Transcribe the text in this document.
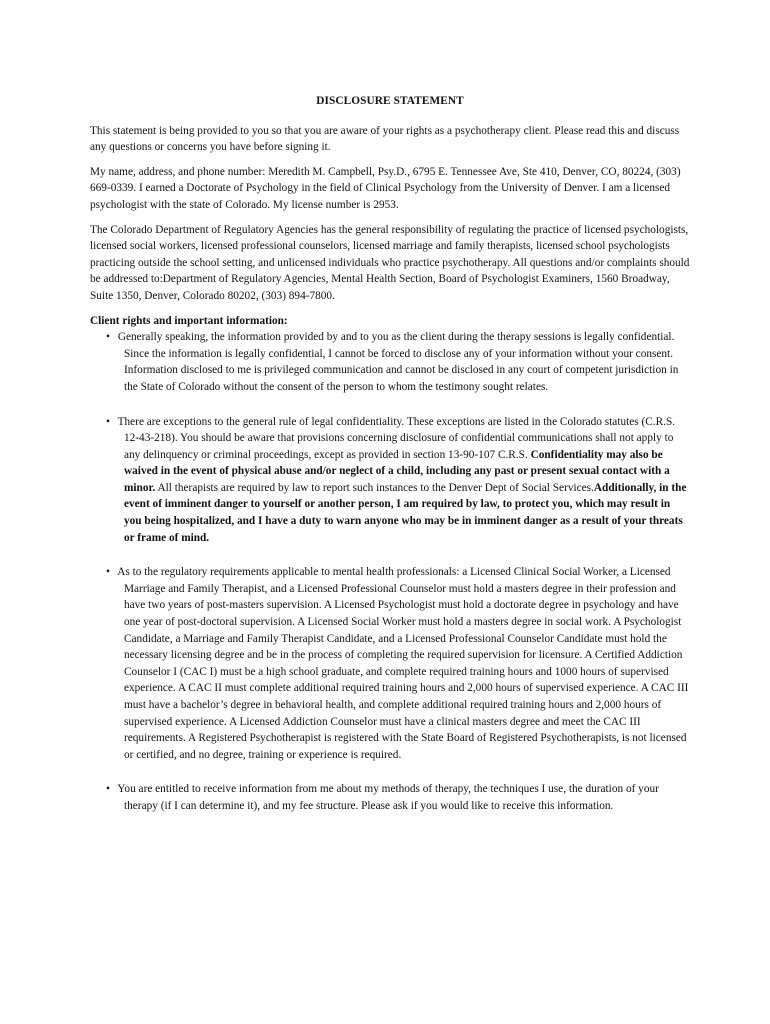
DISCLOSURE STATEMENT

This statement is being provided to you so that you are aware of your rights as a psychotherapy client. Please read this and discuss any questions or concerns you have before signing it.

My name, address, and phone number: Meredith M. Campbell, Psy.D., 6795 E. Tennessee Ave, Ste 410, Denver, CO, 80224, (303) 669-0339. I earned a Doctorate of Psychology in the field of Clinical Psychology from the University of Denver. I am a licensed psychologist with the state of Colorado. My license number is 2953.

The Colorado Department of Regulatory Agencies has the general responsibility of regulating the practice of licensed psychologists, licensed social workers, licensed professional counselors, licensed marriage and family therapists, licensed school psychologists practicing outside the school setting, and unlicensed individuals who practice psychotherapy. All questions and/or complaints should be addressed to:Department of Regulatory Agencies, Mental Health Section, Board of Psychologist Examiners, 1560 Broadway, Suite 1350, Denver, Colorado 80202, (303) 894-7800.

Client rights and important information:
• Generally speaking, the information provided by and to you as the client during the therapy sessions is legally confidential. Since the information is legally confidential, I cannot be forced to disclose any of your information without your consent. Information disclosed to me is privileged communication and cannot be disclosed in any court of competent jurisdiction in the State of Colorado without the consent of the person to whom the testimony sought relates.
• There are exceptions to the general rule of legal confidentiality. These exceptions are listed in the Colorado statutes (C.R.S. 12-43-218). You should be aware that provisions concerning disclosure of confidential communications shall not apply to any delinquency or criminal proceedings, except as provided in section 13-90-107 C.R.S. Confidentiality may also be waived in the event of physical abuse and/or neglect of a child, including any past or present sexual contact with a minor. All therapists are required by law to report such instances to the Denver Dept of Social Services.Additionally, in the event of imminent danger to yourself or another person, I am required by law, to protect you, which may result in you being hospitalized, and I have a duty to warn anyone who may be in imminent danger as a result of your threats or frame of mind.
• As to the regulatory requirements applicable to mental health professionals: a Licensed Clinical Social Worker, a Licensed Marriage and Family Therapist, and a Licensed Professional Counselor must hold a masters degree in their profession and have two years of post-masters supervision. A Licensed Psychologist must hold a doctorate degree in psychology and have one year of post-doctoral supervision. A Licensed Social Worker must hold a masters degree in social work. A Psychologist Candidate, a Marriage and Family Therapist Candidate, and a Licensed Professional Counselor Candidate must hold the necessary licensing degree and be in the process of completing the required supervision for licensure. A Certified Addiction Counselor I (CAC I) must be a high school graduate, and complete required training hours and 1000 hours of supervised experience. A CAC II must complete additional required training hours and 2,000 hours of supervised experience. A CAC III must have a bachelor’s degree in behavioral health, and complete additional required training hours and 2,000 hours of supervised experience. A Licensed Addiction Counselor must have a clinical masters degree and meet the CAC III requirements. A Registered Psychotherapist is registered with the State Board of Registered Psychotherapists, is not licensed or certified, and no degree, training or experience is required.
• You are entitled to receive information from me about my methods of therapy, the techniques I use, the duration of your therapy (if I can determine it), and my fee structure. Please ask if you would like to receive this information.
